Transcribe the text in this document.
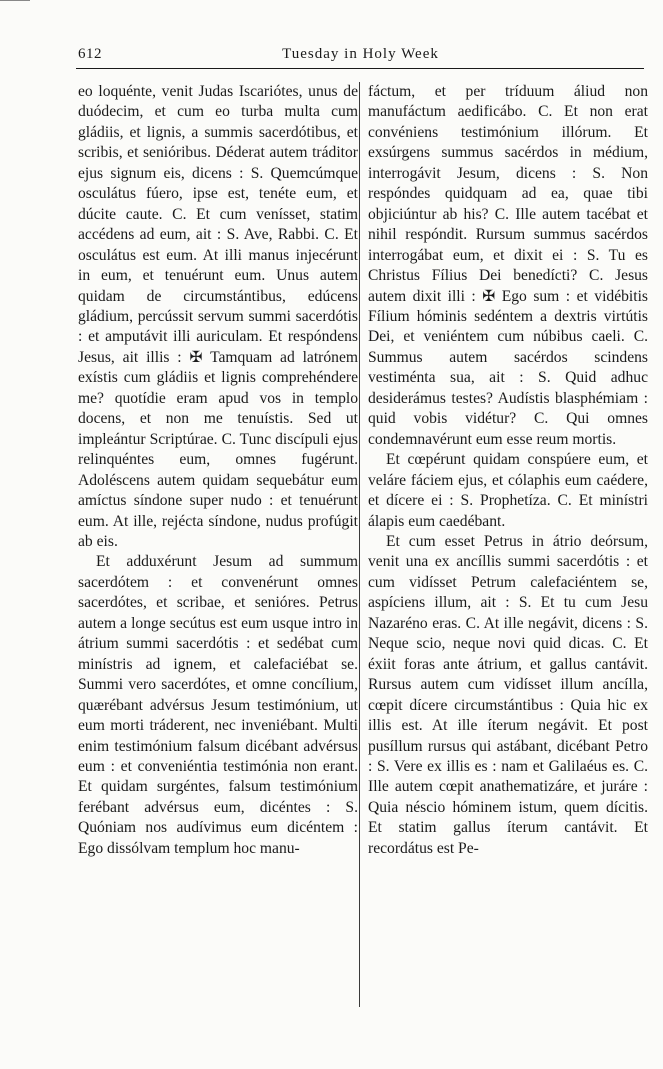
612	Tuesday in Holy Week

eo loquénte, venit Judas Iscariótes, unus de duódecim, et cum eo turba multa cum gládiis, et lignis, a summis sacerdótibus, et scribis, et senióribus. Déderat autem tráditor ejus signum eis, dicens : S. Quemcúmque osculátus fúero, ipse est, tenéte eum, et dúcite caute. C. Et cum venísset, statim accédens ad eum, ait : S. Ave, Rabbi. C. Et osculátus est eum. At illi manus injecérunt in eum, et tenuérunt eum. Unus autem quidam de circumstántibus, edúcens gládium, percússit servum summi sacerdótis : et amputávit illi auriculam. Et respóndens Jesus, ait illis : ✠ Tamquam ad latrónem exístis cum gládiis et lignis comprehéndere me? quotídie eram apud vos in templo docens, et non me tenuístis. Sed ut impleántur Scriptúrae. C. Tunc discípuli ejus relinquéntes eum, omnes fugérunt. Adoléscens autem quidam sequebátur eum amíctus síndone super nudo : et tenuérunt eum. At ille, rejécta síndone, nudus profúgit ab eis.

Et adduxérunt Jesum ad summum sacerdótem : et convenérunt omnes sacerdótes, et scribae, et senióres. Petrus autem a longe secútus est eum usque intro in átrium summi sacerdótis : et sedébat cum minístris ad ignem, et calefaciébat se. Summi vero sacerdótes, et omne concílium, quærébant advérsus Jesum testimónium, ut eum morti tráderent, nec inveniébant. Multi enim testimónium falsum dicébant advérsus eum : et conveniéntia testimónia non erant. Et quidam surgéntes, falsum testimónium ferébant advérsus eum, dicéntes : S. Quóniam nos audívimus eum dicéntem : Ego dissólvam templum hoc manu-

fáctum, et per tríduum áliud non manufáctum aedificábo. C. Et non erat convéniens testimónium illórum. Et exsúrgens summus sacérdos in médium, interrogávit Jesum, dicens : S. Non respóndes quidquam ad ea, quae tibi objiciúntur ab his? C. Ille autem tacébat et nihil respóndit. Rursum summus sacérdos interrogábat eum, et dixit ei : S. Tu es Christus Fílius Dei benedícti? C. Jesus autem dixit illi : ✠ Ego sum : et vidébitis Fílium hóminis sedéntem a dextris virtútis Dei, et veniéntem cum núbibus caeli. C. Summus autem sacérdos scindens vestiménta sua, ait : S. Quid adhuc desiderámus testes? Audístis blasphémiam : quid vobis vidétur? C. Qui omnes condemnavérunt eum esse reum mortis.

Et cœpérunt quidam conspúere eum, et veláre fáciem ejus, et cólaphis eum caédere, et dícere ei : S. Prophetíza. C. Et minístri álapis eum caedébant.

Et cum esset Petrus in átrio deórsum, venit una ex ancíllis summi sacerdótis : et cum vidísset Petrum calefaciéntem se, aspíciens illum, ait : S. Et tu cum Jesu Nazaréno eras. C. At ille negávit, dicens : S. Neque scio, neque novi quid dicas. C. Et éxiit foras ante átrium, et gallus cantávit. Rursus autem cum vidísset illum ancílla, cœpit dícere circumstántibus : Quia hic ex illis est. At ille íterum negávit. Et post pusíllum rursus qui astábant, dicébant Petro : S. Vere ex illis es : nam et Galilaéus es. C. Ille autem cœpit anathematizáre, et juráre : Quia néscio hóminem istum, quem dícitis. Et statim gallus íterum cantávit. Et recordátus est Pe-
